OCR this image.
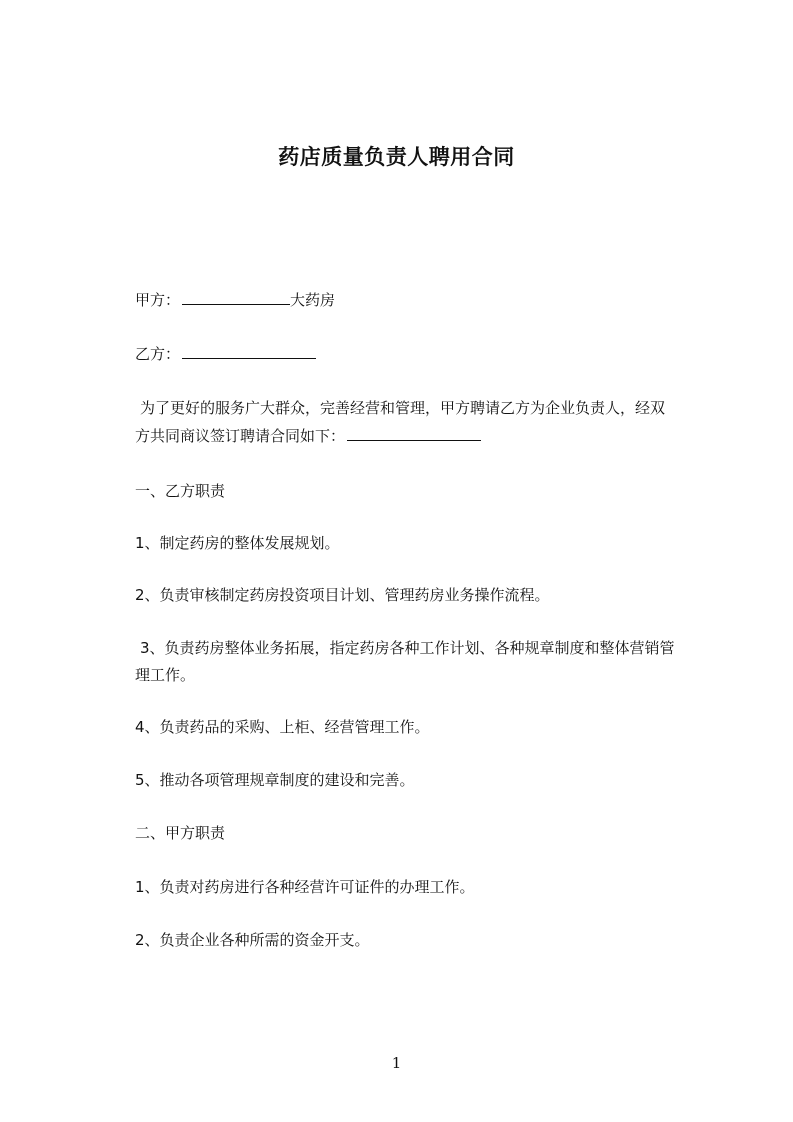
药店质量负责人聘用合同
甲方：	大药房
乙方：
为了更好的服务广大群众，完善经营和管理，甲方聘请乙方为企业负责人，经双
方共同商议签订聘请合同如下：
一、乙方职责
1、制定药房的整体发展规划。
2、负责审核制定药房投资项目计划、管理药房业务操作流程。
3、负责药房整体业务拓展，指定药房各种工作计划、各种规章制度和整体营销管
理工作。
4、负责药品的采购、上柜、经营管理工作。
5、推动各项管理规章制度的建设和完善。
二、甲方职责
1、负责对药房进行各种经营许可证件的办理工作。
2、负责企业各种所需的资金开支。
1
